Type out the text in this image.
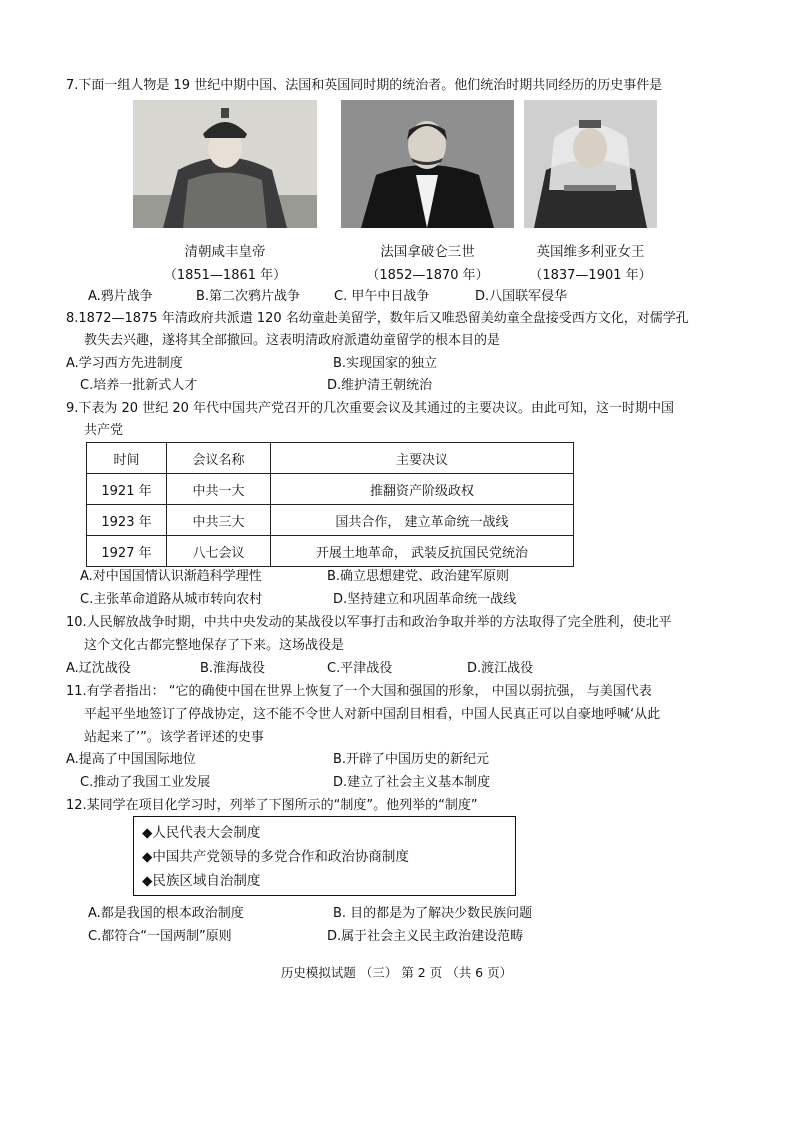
7.下面一组人物是 19 世纪中期中国、法国和英国同时期的统治者。他们统治时期共同经历的历史事件是
清朝咸丰皇帝	法国拿破仑三世	英国维多利亚女王
（1851—1861 年）	（1852—1870 年）	（1837—1901 年）
A.鸦片战争	B.第二次鸦片战争	C. 甲午中日战争	D.八国联军侵华
8.1872—1875 年清政府共派遣 120 名幼童赴美留学，数年后又唯恐留美幼童全盘接受西方文化，对儒学孔
教失去兴趣，遂将其全部撤回。这表明清政府派遣幼童留学的根本目的是
A.学习西方先进制度	B.实现国家的独立
C.培养一批新式人才	D.维护清王朝统治
9.下表为 20 世纪 20 年代中国共产党召开的几次重要会议及其通过的主要决议。由此可知，这一时期中国
共产党
时间	会议名称	主要决议
1921 年	中共一大	推翻资产阶级政权
1923 年	中共三大	国共合作， 建立革命统一战线
1927 年	八七会议	开展土地革命， 武装反抗国民党统治
A.对中国国情认识渐趋科学理性	B.确立思想建党、政治建军原则
C.主张革命道路从城市转向农村	D.坚持建立和巩固革命统一战线
10.人民解放战争时期，中共中央发动的某战役以军事打击和政治争取并举的方法取得了完全胜利，使北平
这个文化古都完整地保存了下来。这场战役是
A.辽沈战役	B.淮海战役	C.平津战役	D.渡江战役
11.有学者指出： “它的确使中国在世界上恢复了一个大国和强国的形象， 中国以弱抗强， 与美国代表
平起平坐地签订了停战协定，这不能不令世人对新中国刮目相看，中国人民真正可以自豪地呼喊‘从此
站起来了’”。该学者评述的史事
A.提高了中国国际地位	B.开辟了中国历史的新纪元
C.推动了我国工业发展	D.建立了社会主义基本制度
12.某同学在项目化学习时，列举了下图所示的“制度”。他列举的“制度”
◆人民代表大会制度
◆中国共产党领导的多党合作和政治协商制度
◆民族区域自治制度
A.都是我国的根本政治制度	B. 目的都是为了解决少数民族问题
C.都符合“一国两制”原则	D.属于社会主义民主政治建设范畴
历史模拟试题 （三） 第 2 页 （共 6 页）
